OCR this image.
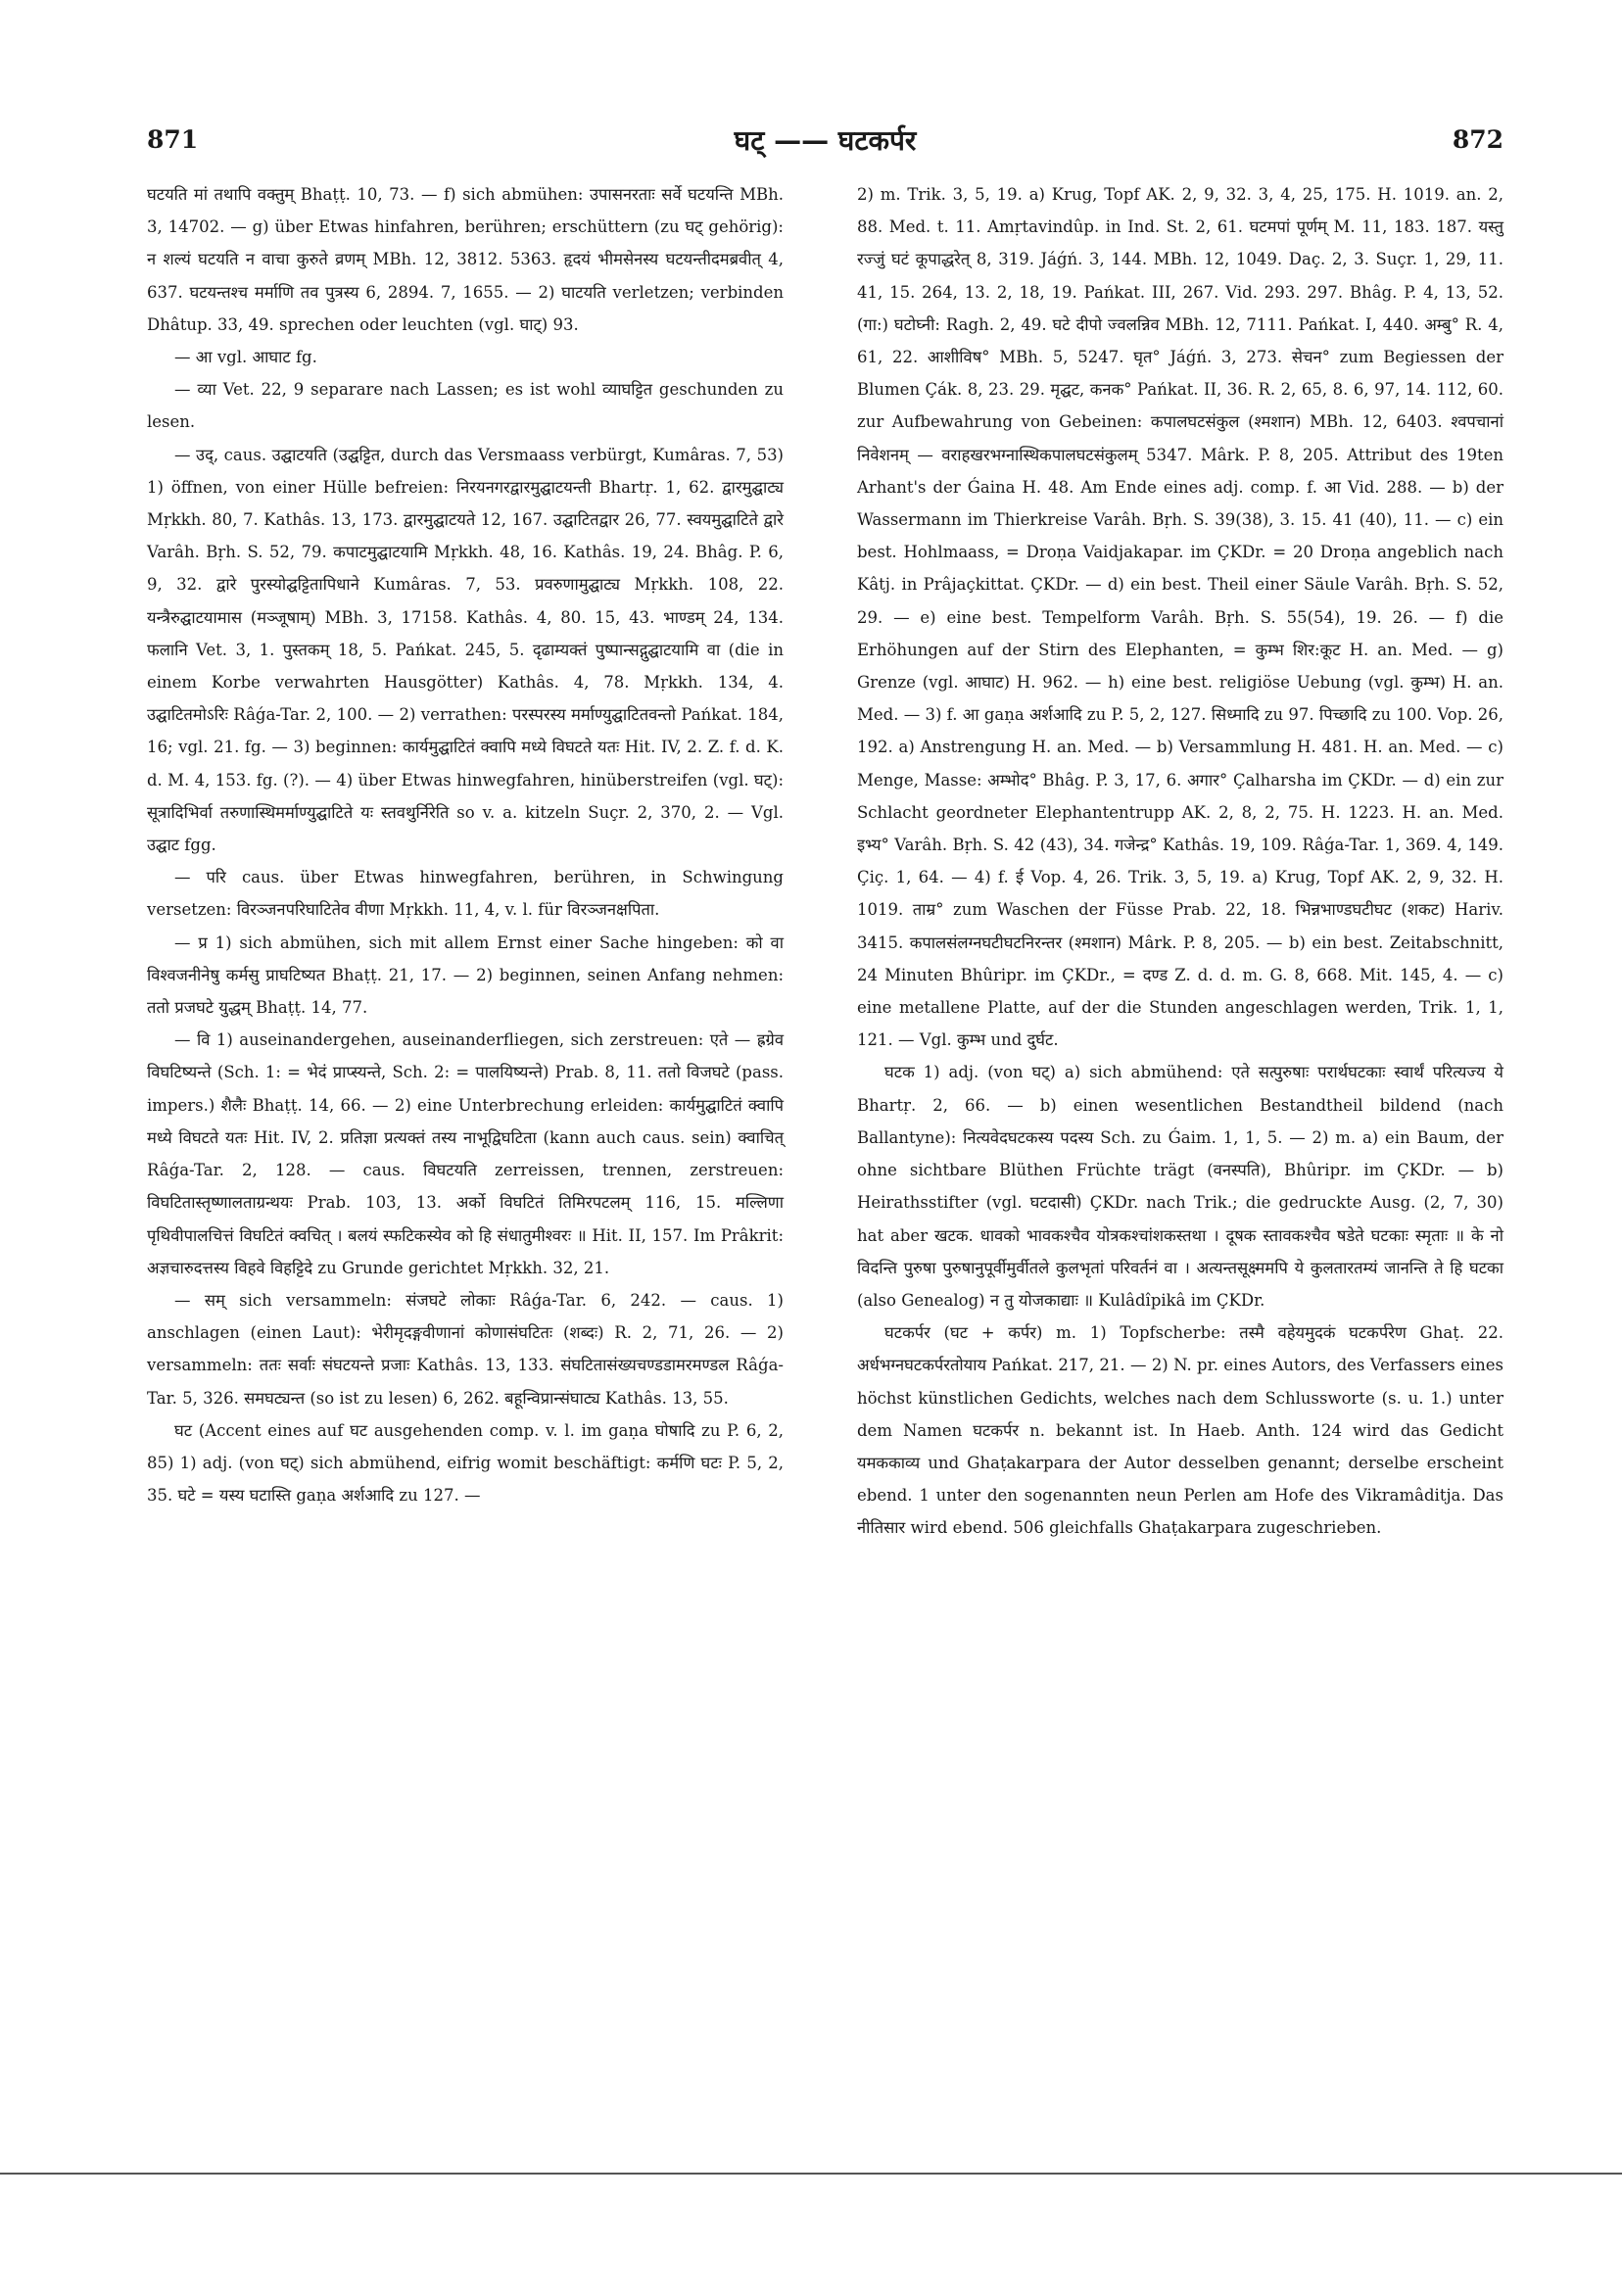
871	घट् —— घटकर्पर	872

घटयति मां तथापि वक्तुम् Bhaṭṭ. 10, 73. — f) sich abmühen: उपासनरताः सर्वे घटयन्ति MBh. 3, 14702. — g) über Etwas hinfahren, berühren; erschüttern (zu घट् gehörig): न शल्यं घटयति न वाचा कुरुते व्रणम् MBh. 12, 3812. 5363. हृदयं भीमसेनस्य घटयन्तीदमब्रवीत् 4, 637. घटयन्तश्च मर्माणि तव पुत्रस्य 6, 2894. 7, 1655. — 2) घाटयति verletzen; verbinden Dhâtup. 33, 49. sprechen oder leuchten (vgl. घाट्) 93.

— आ vgl. आघाट fg.

— व्या Vet. 22, 9 separare nach Lassen; es ist wohl व्याघट्टित geschunden zu lesen.

— उद्, caus. उद्घाटयति (उद्घट्टित, durch das Versmaass verbürgt, Kumâras. 7, 53) 1) öffnen, von einer Hülle befreien: निरयनगरद्वारमुद्घाटयन्ती Bhartṛ. 1, 62. द्वारमुद्घाट्य Mṛkkh. 80, 7. Kathâs. 13, 173. द्वारमुद्घाटयते 12, 167. उद्घाटितद्वार 26, 77. स्वयमुद्घाटिते द्वारे Varâh. Bṛh. S. 52, 79. कपाटमुद्घाटयामि Mṛkkh. 48, 16. Kathâs. 19, 24. Bhâg. P. 6, 9, 32. द्वारे पुरस्योद्घट्टितापिधाने Kumâras. 7, 53. प्रवरुणामुद्घाट्य Mṛkkh. 108, 22. यन्त्रैरुद्घाटयामास (मञ्जूषाम्) MBh. 3, 17158. Kathâs. 4, 80. 15, 43. भाण्डम् 24, 134. फलानि Vet. 3, 1. पुस्तकम् 18, 5. Pańkat. 245, 5. दृढाम्यक्तं पुष्पान्सद्गुद्घाटयामि वा (die in einem Korbe verwahrten Hausgötter) Kathâs. 4, 78. Mṛkkh. 134, 4. उद्घाटितमोऽरिः Râǵa-Tar. 2, 100. — 2) verrathen: परस्परस्य मर्माण्युद्घाटितवन्तो Pańkat. 184, 16; vgl. 21. fg. — 3) beginnen: कार्यमुद्घाटितं क्वापि मध्ये विघटते यतः Hit. IV, 2. Z. f. d. K. d. M. 4, 153. fg. (?). — 4) über Etwas hinwegfahren, hinüberstreifen (vgl. घट्): सूत्रादिभिर्वा तरुणास्थिमर्माण्युद्घाटिते यः स्तवथुर्निरेति so v. a. kitzeln Suçr. 2, 370, 2. — Vgl. उद्घाट fgg.

— परि caus. über Etwas hinwegfahren, berühren, in Schwingung versetzen: विरञ्जनपरिघाटितेव वीणा Mṛkkh. 11, 4, v. l. für विरञ्जनक्षपिता.

— प्र 1) sich abmühen, sich mit allem Ernst einer Sache hingeben: को वा विश्वजनीनेषु कर्मसु प्राघटिष्यत Bhaṭṭ. 21, 17. — 2) beginnen, seinen Anfang nehmen: ततो प्रजघटे युद्धम् Bhaṭṭ. 14, 77.

— वि 1) auseinandergehen, auseinanderfliegen, sich zerstreuen: एते — ह्रग्रेव विघटिष्यन्ते (Sch. 1: = भेदं प्राप्स्यन्ते, Sch. 2: = पालयिष्यन्ते) Prab. 8, 11. ततो विजघटे (pass. impers.) शैलैः Bhaṭṭ. 14, 66. — 2) eine Unterbrechung erleiden: कार्यमुद्घाटितं क्वापि मध्ये विघटते यतः Hit. IV, 2. प्रतिज्ञा प्रत्यक्तं तस्य नाभूद्विघटिता (kann auch caus. sein) क्वाचित् Râǵa-Tar. 2, 128. — caus. विघटयति zerreissen, trennen, zerstreuen: विघटितास्तृष्णालताग्रन्थयः Prab. 103, 13. अर्को विघटितं तिमिरपटलम् 116, 15. मल्लिणा पृथिवीपालचित्तं विघटितं क्वचित् । बलयं स्फटिकस्येव को हि संधातुमीश्वरः ॥ Hit. II, 157. Im Prâkrit: अज्ञचारुदत्तस्य विहवे विहट्टिदे zu Grunde gerichtet Mṛkkh. 32, 21.

— सम् sich versammeln: संजघटे लोकाः Râǵa-Tar. 6, 242. — caus. 1) anschlagen (einen Laut): भेरीमृदङ्गवीणानां कोणासंघटितः (शब्दः) R. 2, 71, 26. — 2) versammeln: ततः सर्वाः संघटयन्ते प्रजाः Kathâs. 13, 133. संघटितासंख्यचण्डडामरमण्डल Râǵa-Tar. 5, 326. समघट्यन्त (so ist zu lesen) 6, 262. बहून्विप्रान्संघाट्य Kathâs. 13, 55.

घट (Accent eines auf घट ausgehenden comp. v. l. im gaṇa घोषादि zu P. 6, 2, 85) 1) adj. (von घट्) sich abmühend, eifrig womit beschäftigt: कर्मणि घटः P. 5, 2, 35. घटे = यस्य घटास्ति gaṇa अर्शआदि zu 127. —

2) m. Trik. 3, 5, 19. a) Krug, Topf AK. 2, 9, 32. 3, 4, 25, 175. H. 1019. an. 2, 88. Med. t. 11. Amṛtavindûp. in Ind. St. 2, 61. घटमपां पूर्णम् M. 11, 183. 187. यस्तु रज्जुं घटं कूपाद्धरेत् 8, 319. Jáǵń. 3, 144. MBh. 12, 1049. Daç. 2, 3. Suçr. 1, 29, 11. 41, 15. 264, 13. 2, 18, 19. Pańkat. III, 267. Vid. 293. 297. Bhâg. P. 4, 13, 52. (गा:) घटोघ्नी: Ragh. 2, 49. घटे दीपो ज्वलन्निव MBh. 12, 7111. Pańkat. I, 440. अम्बु° R. 4, 61, 22. आशीविष° MBh. 5, 5247. घृत° Jáǵń. 3, 273. सेचन° zum Begiessen der Blumen Çák. 8, 23. 29. मृद्घट, कनक° Pańkat. II, 36. R. 2, 65, 8. 6, 97, 14. 112, 60. zur Aufbewahrung von Gebeinen: कपालघटसंकुल (श्मशान) MBh. 12, 6403. श्वपचानां निवेशनम् — वराहखरभग्नास्थिकपालघटसंकुलम् 5347. Mârk. P. 8, 205. Attribut des 19ten Arhant's der Ǵaina H. 48. Am Ende eines adj. comp. f. आ Vid. 288. — b) der Wassermann im Thierkreise Varâh. Bṛh. S. 39(38), 3. 15. 41 (40), 11. — c) ein best. Hohlmaass, = Droṇa Vaidjakapar. im ÇKDr. = 20 Droṇa angeblich nach Kâtj. in Prâjaçkittat. ÇKDr. — d) ein best. Theil einer Säule Varâh. Bṛh. S. 52, 29. — e) eine best. Tempelform Varâh. Bṛh. S. 55(54), 19. 26. — f) die Erhöhungen auf der Stirn des Elephanten, = कुम्भ शिर:कूट H. an. Med. — g) Grenze (vgl. आघाट) H. 962. — h) eine best. religiöse Uebung (vgl. कुम्भ) H. an. Med. — 3) f. आ gaṇa अर्शआदि zu P. 5, 2, 127. सिध्मादि zu 97. पिच्छादि zu 100. Vop. 26, 192. a) Anstrengung H. an. Med. — b) Versammlung H. 481. H. an. Med. — c) Menge, Masse: अम्भोद° Bhâg. P. 3, 17, 6. अगार° Çalharsha im ÇKDr. — d) ein zur Schlacht geordneter Elephantentrupp AK. 2, 8, 2, 75. H. 1223. H. an. Med. इभ्य° Varâh. Bṛh. S. 42 (43), 34. गजेन्द्र° Kathâs. 19, 109. Râǵa-Tar. 1, 369. 4, 149. Çiç. 1, 64. — 4) f. ई Vop. 4, 26. Trik. 3, 5, 19. a) Krug, Topf AK. 2, 9, 32. H. 1019. ताम्र° zum Waschen der Füsse Prab. 22, 18. भिन्नभाण्डघटीघट (शकट) Hariv. 3415. कपालसंलग्नघटीघटनिरन्तर (श्मशान) Mârk. P. 8, 205. — b) ein best. Zeitabschnitt, 24 Minuten Bhûripr. im ÇKDr., = दण्ड Z. d. d. m. G. 8, 668. Mit. 145, 4. — c) eine metallene Platte, auf der die Stunden angeschlagen werden, Trik. 1, 1, 121. — Vgl. कुम्भ und दुर्घट.

घटक 1) adj. (von घट्) a) sich abmühend: एते सत्पुरुषाः परार्थघटकाः स्वार्थं परित्यज्य ये Bhartṛ. 2, 66. — b) einen wesentlichen Bestandtheil bildend (nach Ballantyne): नित्यवेदघटकस्य पदस्य Sch. zu Ǵaim. 1, 1, 5. — 2) m. a) ein Baum, der ohne sichtbare Blüthen Früchte trägt (वनस्पति), Bhûripr. im ÇKDr. — b) Heirathsstifter (vgl. घटदासी) ÇKDr. nach Trik.; die gedruckte Ausg. (2, 7, 30) hat aber खटक. धावको भावकश्चैव योत्रकश्चांशकस्तथा । दूषक स्तावकश्चैव षडेते घटकाः स्मृताः ॥ के नो विदन्ति पुरुषा पुरुषानुपूर्वीमुर्वीतले कुलभृतां परिवर्तनं वा । अत्यन्तसूक्ष्ममपि ये कुलतारतम्यं जानन्ति ते हि घटका (also Genealog) न तु योजकाद्याः ॥ Kulâdîpikâ im ÇKDr.

घटकर्पर (घट + कर्पर) m. 1) Topfscherbe: तस्मै वहेयमुदकं घटकर्परेण Ghaṭ. 22. अर्धभग्नघटकर्परतोयाय Pańkat. 217, 21. — 2) N. pr. eines Autors, des Verfassers eines höchst künstlichen Gedichts, welches nach dem Schlussworte (s. u. 1.) unter dem Namen घटकर्पर n. bekannt ist. In Haeb. Anth. 124 wird das Gedicht यमककाव्य und Ghaṭakarpara der Autor desselben genannt; derselbe erscheint ebend. 1 unter den sogenannten neun Perlen am Hofe des Vikramâditja. Das नीतिसार wird ebend. 506 gleichfalls Ghaṭakarpara zugeschrieben.
